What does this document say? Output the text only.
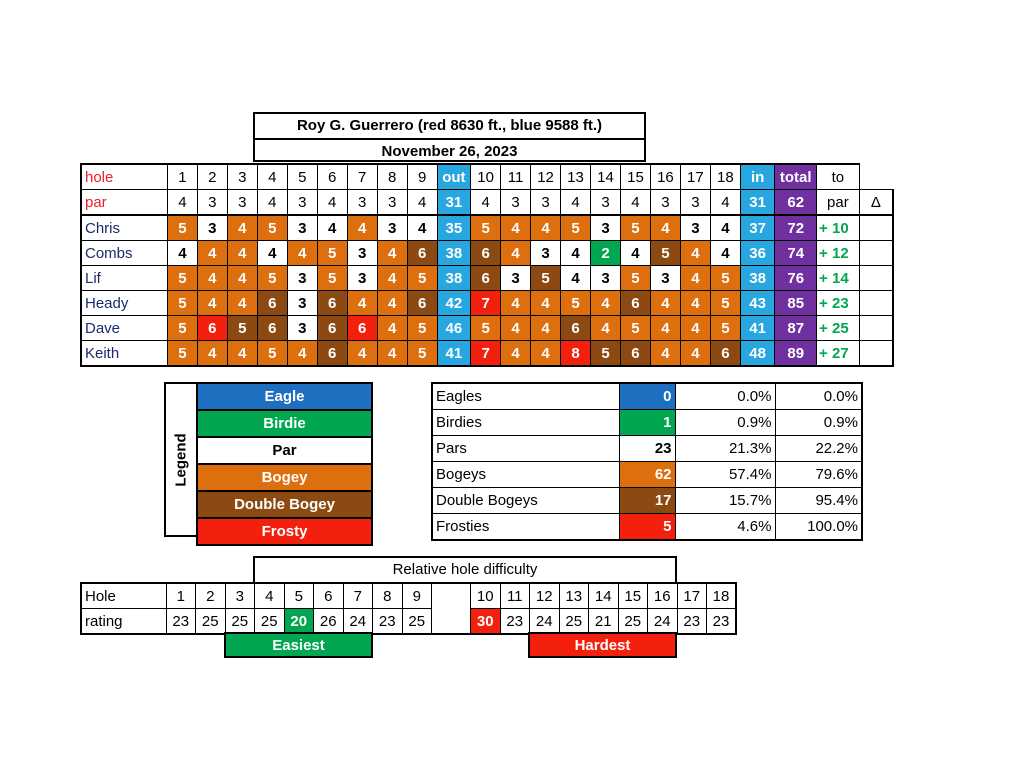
Roy G. Guerrero (red 8630 ft., blue 9588 ft.)
November 26, 2023
hole	1	2	3	4	5	6	7	8	9	out	10	11	12	13	14	15	16	17	18	in	total	to	
par	4	3	3	4	3	4	3	3	4	31	4	3	3	4	3	4	3	3	4	31	62	par	Δ
Chris	5	3	4	5	3	4	4	3	4	35	5	4	4	5	3	5	4	3	4	37	72	+ 10	
Combs	4	4	4	4	4	5	3	4	6	38	6	4	3	4	2	4	5	4	4	36	74	+ 12	
Lif	5	4	4	5	3	5	3	4	5	38	6	3	5	4	3	5	3	4	5	38	76	+ 14	
Heady	5	4	4	6	3	6	4	4	6	42	7	4	4	5	4	6	4	4	5	43	85	+ 23	
Dave	5	6	5	6	3	6	6	4	5	46	5	4	4	6	4	5	4	4	5	41	87	+ 25	
Keith	5	4	4	5	4	6	4	4	5	41	7	4	4	8	5	6	4	4	6	48	89	+ 27	
Legend
Eagle
Birdie
Par
Bogey
Double Bogey
Frosty
Eagles	0	0.0%	0.0%
Birdies	1	0.9%	0.9%
Pars	23	21.3%	22.2%
Bogeys	62	57.4%	79.6%
Double Bogeys	17	15.7%	95.4%
Frosties	5	4.6%	100.0%
Relative hole difficulty
Hole	1	2	3	4	5	6	7	8	9		10	11	12	13	14	15	16	17	18
rating	23	25	25	25	20	26	24	23	25		30	23	24	25	21	25	24	23	23
Easiest	Hardest
